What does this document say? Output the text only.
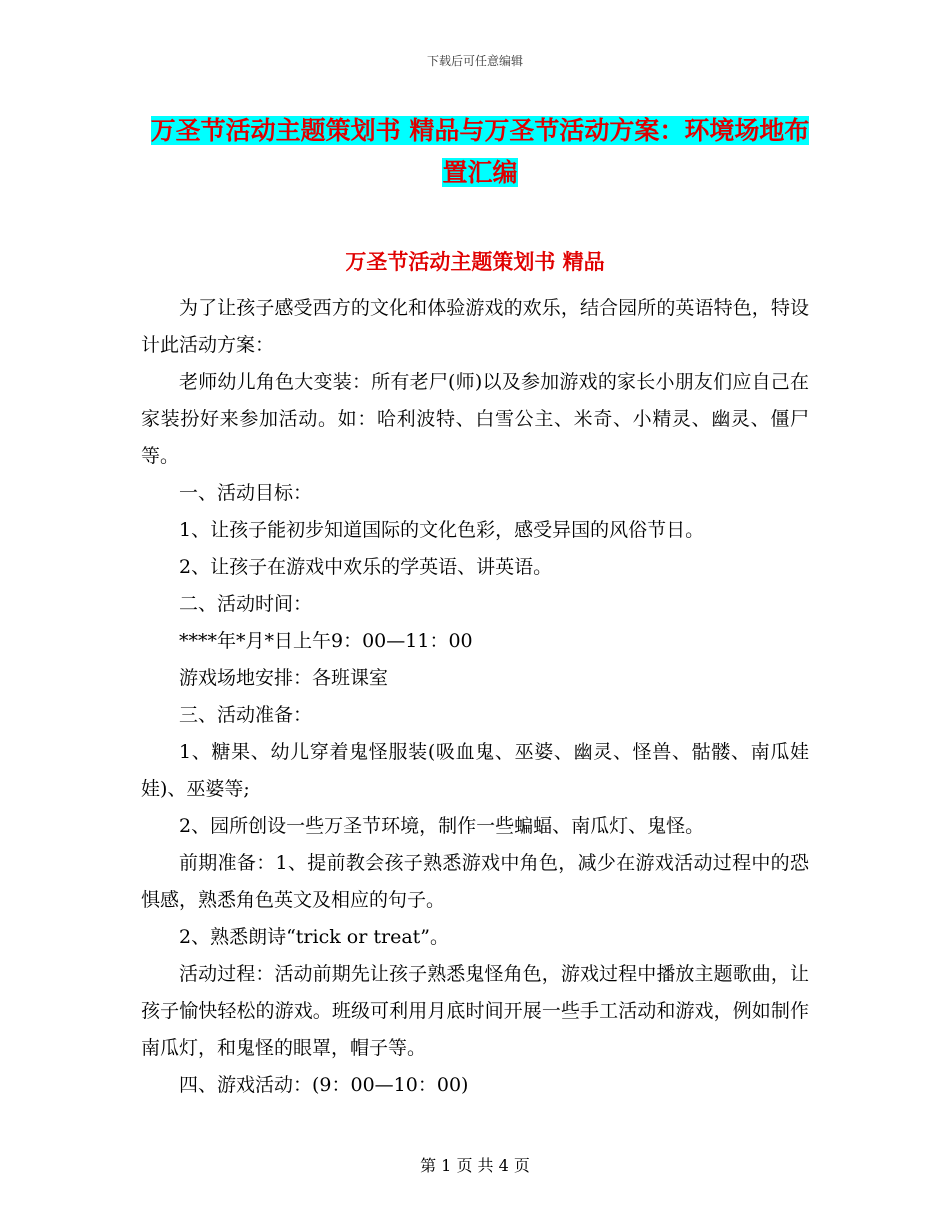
下载后可任意编辑
万圣节活动主题策划书 精品与万圣节活动方案：环境场地布置汇编
万圣节活动主题策划书 精品

为了让孩子感受西方的文化和体验游戏的欢乐，结合园所的英语特色，特设计此活动方案：

老师幼儿角色大变装：所有老尸(师)以及参加游戏的家长小朋友们应自己在家装扮好来参加活动。如：哈利波特、白雪公主、米奇、小精灵、幽灵、僵尸等。

一、活动目标：

1、让孩子能初步知道国际的文化色彩，感受异国的风俗节日。

2、让孩子在游戏中欢乐的学英语、讲英语。

二、活动时间：

****年*月*日上午9：00—11：00

游戏场地安排：各班课室

三、活动准备：

1、糖果、幼儿穿着鬼怪服装(吸血鬼、巫婆、幽灵、怪兽、骷髅、南瓜娃娃)、巫婆等;

2、园所创设一些万圣节环境，制作一些蝙蝠、南瓜灯、鬼怪。

前期准备：1、提前教会孩子熟悉游戏中角色，减少在游戏活动过程中的恐惧感，熟悉角色英文及相应的句子。

2、熟悉朗诗“trick or treat”。

活动过程：活动前期先让孩子熟悉鬼怪角色，游戏过程中播放主题歌曲，让孩子愉快轻松的游戏。班级可利用月底时间开展一些手工活动和游戏，例如制作南瓜灯，和鬼怪的眼罩，帽子等。

四、游戏活动：(9：00—10：00)

第 1 页 共 4 页
